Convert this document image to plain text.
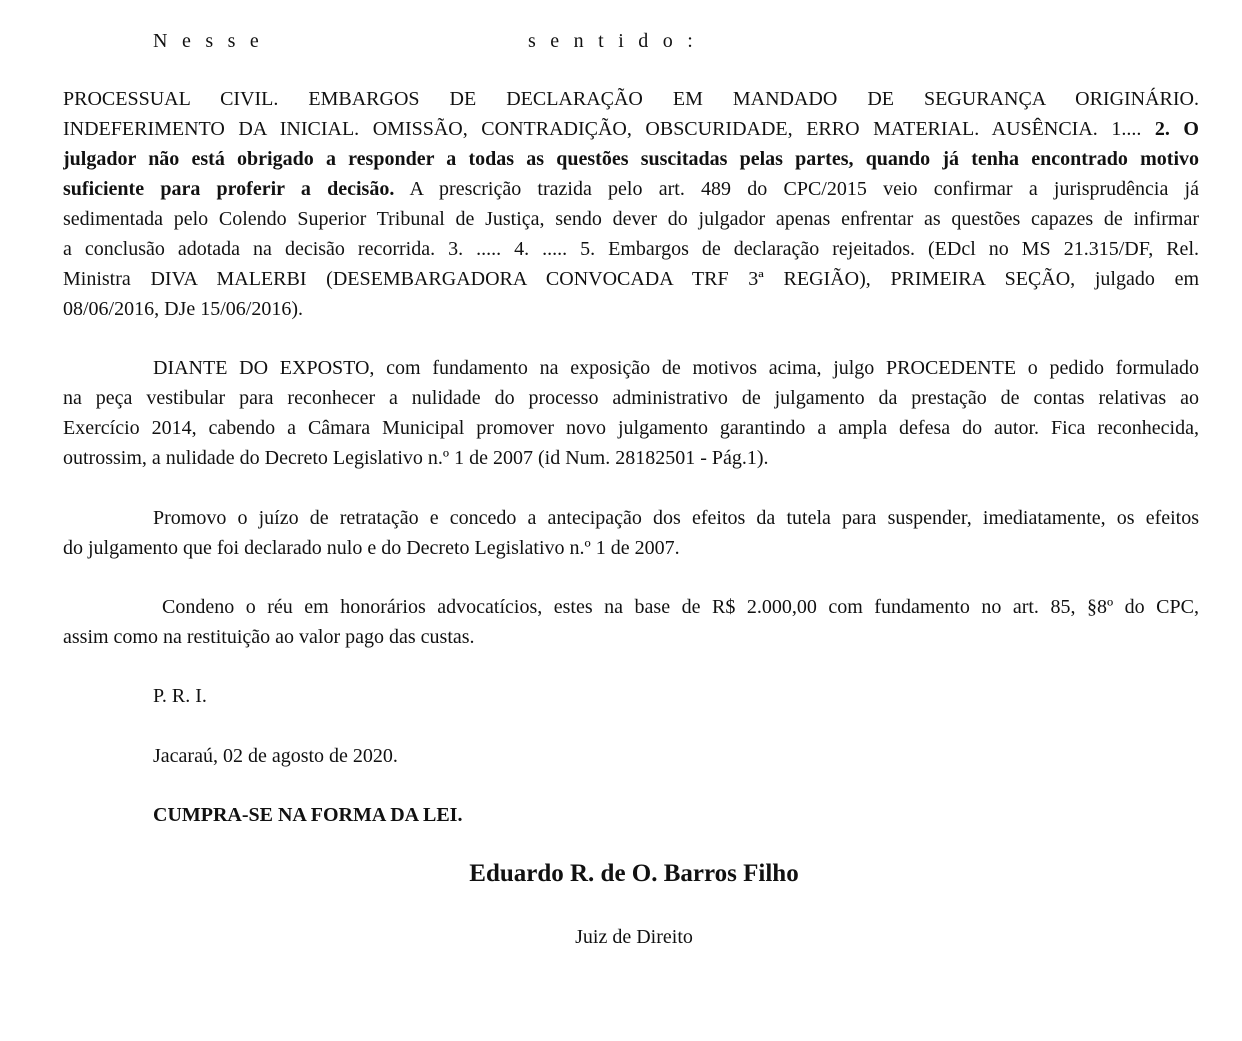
Nesse	sentido:
PROCESSUAL CIVIL. EMBARGOS DE DECLARAÇÃO EM MANDADO DE SEGURANÇA ORIGINÁRIO.
INDEFERIMENTO DA INICIAL. OMISSÃO, CONTRADIÇÃO, OBSCURIDADE, ERRO MATERIAL. AUSÊNCIA. 1.... 2. O
julgador não está obrigado a responder a todas as questões suscitadas pelas partes, quando já tenha encontrado motivo
suficiente para proferir a decisão. A prescrição trazida pelo art. 489 do CPC/2015 veio confirmar a jurisprudência já
sedimentada pelo Colendo Superior Tribunal de Justiça, sendo dever do julgador apenas enfrentar as questões capazes de infirmar
a conclusão adotada na decisão recorrida. 3. ..... 4. ..... 5. Embargos de declaração rejeitados. (EDcl no MS 21.315/DF, Rel.
Ministra DIVA MALERBI (DESEMBARGADORA CONVOCADA TRF 3ª REGIÃO), PRIMEIRA SEÇÃO, julgado em
08/06/2016, DJe 15/06/2016).
DIANTE DO EXPOSTO, com fundamento na exposição de motivos acima, julgo PROCEDENTE o pedido formulado
na peça vestibular para reconhecer a nulidade do processo administrativo de julgamento da prestação de contas relativas ao
Exercício 2014, cabendo a Câmara Municipal promover novo julgamento garantindo a ampla defesa do autor. Fica reconhecida,
outrossim, a nulidade do Decreto Legislativo n.º 1 de 2007 (id Num. 28182501 - Pág.1).
Promovo o juízo de retratação e concedo a antecipação dos efeitos da tutela para suspender, imediatamente, os efeitos
do julgamento que foi declarado nulo e do Decreto Legislativo n.º 1 de 2007.
Condeno o réu em honorários advocatícios, estes na base de R$ 2.000,00 com fundamento no art. 85, §8º do CPC,
assim como na restituição ao valor pago das custas.
P. R. I.
Jacaraú, 02 de agosto de 2020.
CUMPRA-SE NA FORMA DA LEI.
Eduardo R. de O. Barros Filho
Juiz de Direito
